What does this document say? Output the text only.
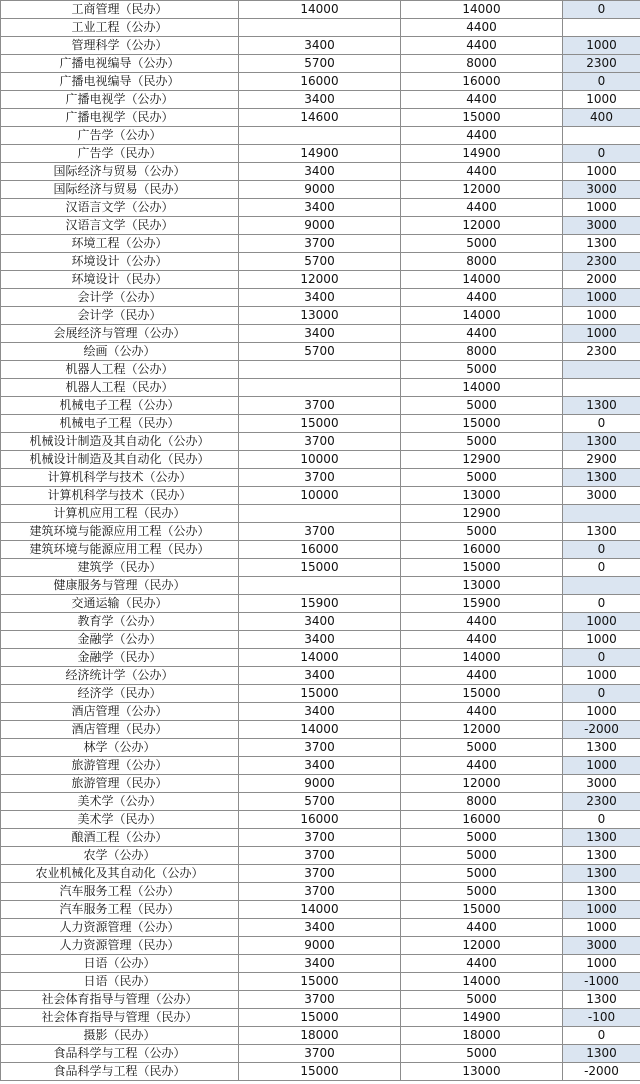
工商管理（民办）	14000	14000	0
工业工程（公办）		4400	
管理科学（公办）	3400	4400	1000
广播电视编导（公办）	5700	8000	2300
广播电视编导（民办）	16000	16000	0
广播电视学（公办）	3400	4400	1000
广播电视学（民办）	14600	15000	400
广告学（公办）		4400	
广告学（民办）	14900	14900	0
国际经济与贸易（公办）	3400	4400	1000
国际经济与贸易（民办）	9000	12000	3000
汉语言文学（公办）	3400	4400	1000
汉语言文学（民办）	9000	12000	3000
环境工程（公办）	3700	5000	1300
环境设计（公办）	5700	8000	2300
环境设计（民办）	12000	14000	2000
会计学（公办）	3400	4400	1000
会计学（民办）	13000	14000	1000
会展经济与管理（公办）	3400	4400	1000
绘画（公办）	5700	8000	2300
机器人工程（公办）		5000	
机器人工程（民办）		14000	
机械电子工程（公办）	3700	5000	1300
机械电子工程（民办）	15000	15000	0
机械设计制造及其自动化（公办）	3700	5000	1300
机械设计制造及其自动化（民办）	10000	12900	2900
计算机科学与技术（公办）	3700	5000	1300
计算机科学与技术（民办）	10000	13000	3000
计算机应用工程（民办）		12900	
建筑环境与能源应用工程（公办）	3700	5000	1300
建筑环境与能源应用工程（民办）	16000	16000	0
建筑学（民办）	15000	15000	0
健康服务与管理（民办）		13000	
交通运输（民办）	15900	15900	0
教育学（公办）	3400	4400	1000
金融学（公办）	3400	4400	1000
金融学（民办）	14000	14000	0
经济统计学（公办）	3400	4400	1000
经济学（民办）	15000	15000	0
酒店管理（公办）	3400	4400	1000
酒店管理（民办）	14000	12000	-2000
林学（公办）	3700	5000	1300
旅游管理（公办）	3400	4400	1000
旅游管理（民办）	9000	12000	3000
美术学（公办）	5700	8000	2300
美术学（民办）	16000	16000	0
酿酒工程（公办）	3700	5000	1300
农学（公办）	3700	5000	1300
农业机械化及其自动化（公办）	3700	5000	1300
汽车服务工程（公办）	3700	5000	1300
汽车服务工程（民办）	14000	15000	1000
人力资源管理（公办）	3400	4400	1000
人力资源管理（民办）	9000	12000	3000
日语（公办）	3400	4400	1000
日语（民办）	15000	14000	-1000
社会体育指导与管理（公办）	3700	5000	1300
社会体育指导与管理（民办）	15000	14900	-100
摄影（民办）	18000	18000	0
食品科学与工程（公办）	3700	5000	1300
食品科学与工程（民办）	15000	13000	-2000
